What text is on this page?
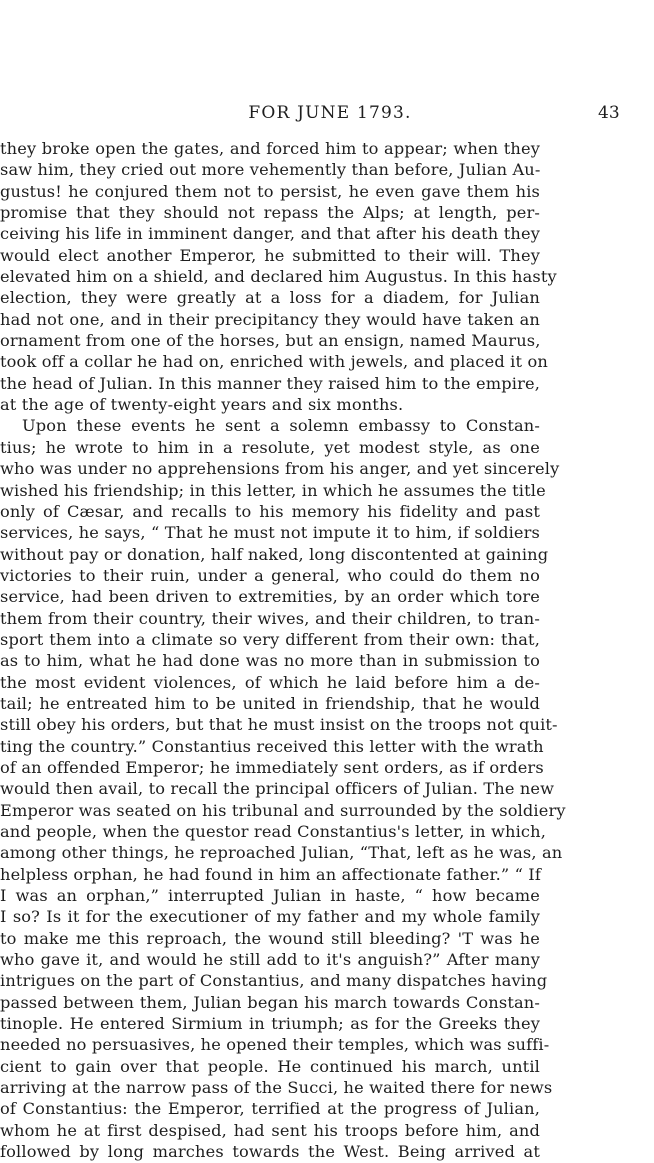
FOR JUNE 1793.	43
they broke open the gates, and forced him to appear; when they
saw him, they cried out more vehemently than before, Julian Au-
gustus! he conjured them not to persist, he even gave them his
promise that they should not repass the Alps; at length, per-
ceiving his life in imminent danger, and that after his death they
would elect another Emperor, he submitted to their will. They
elevated him on a shield, and declared him Augustus. In this hasty
election, they were greatly at a loss for a diadem, for Julian
had not one, and in their precipitancy they would have taken an
ornament from one of the horses, but an ensign, named Maurus,
took off a collar he had on, enriched with jewels, and placed it on
the head of Julian. In this manner they raised him to the empire,
at the age of twenty-eight years and six months.
Upon these events he sent a solemn embassy to Constan-
tius; he wrote to him in a resolute, yet modest style, as one
who was under no apprehensions from his anger, and yet sincerely
wished his friendship; in this letter, in which he assumes the title
only of Cæsar, and recalls to his memory his fidelity and past
services, he says, “ That he must not impute it to him, if soldiers
without pay or donation, half naked, long discontented at gaining
victories to their ruin, under a general, who could do them no
service, had been driven to extremities, by an order which tore
them from their country, their wives, and their children, to tran-
sport them into a climate so very different from their own: that,
as to him, what he had done was no more than in submission to
the most evident violences, of which he laid before him a de-
tail; he entreated him to be united in friendship, that he would
still obey his orders, but that he must insist on the troops not quit-
ting the country.” Constantius received this letter with the wrath
of an offended Emperor; he immediately sent orders, as if orders
would then avail, to recall the principal officers of Julian. The new
Emperor was seated on his tribunal and surrounded by the soldiery
and people, when the questor read Constantius's letter, in which,
among other things, he reproached Julian, “That, left as he was, an
helpless orphan, he had found in him an affectionate father.” “ If
I was an orphan,” interrupted Julian in haste, “ how became
I so? Is it for the executioner of my father and my whole family
to make me this reproach, the wound still bleeding? 'T was he
who gave it, and would he still add to it's anguish?” After many
intrigues on the part of Constantius, and many dispatches having
passed between them, Julian began his march towards Constan-
tinople. He entered Sirmium in triumph; as for the Greeks they
needed no persuasives, he opened their temples, which was suffi-
cient to gain over that people. He continued his march, until
arriving at the narrow pass of the Succi, he waited there for news
of Constantius: the Emperor, terrified at the progress of Julian,
whom he at first despised, had sent his troops before him, and
followed by long marches towards the West. Being arrived at
